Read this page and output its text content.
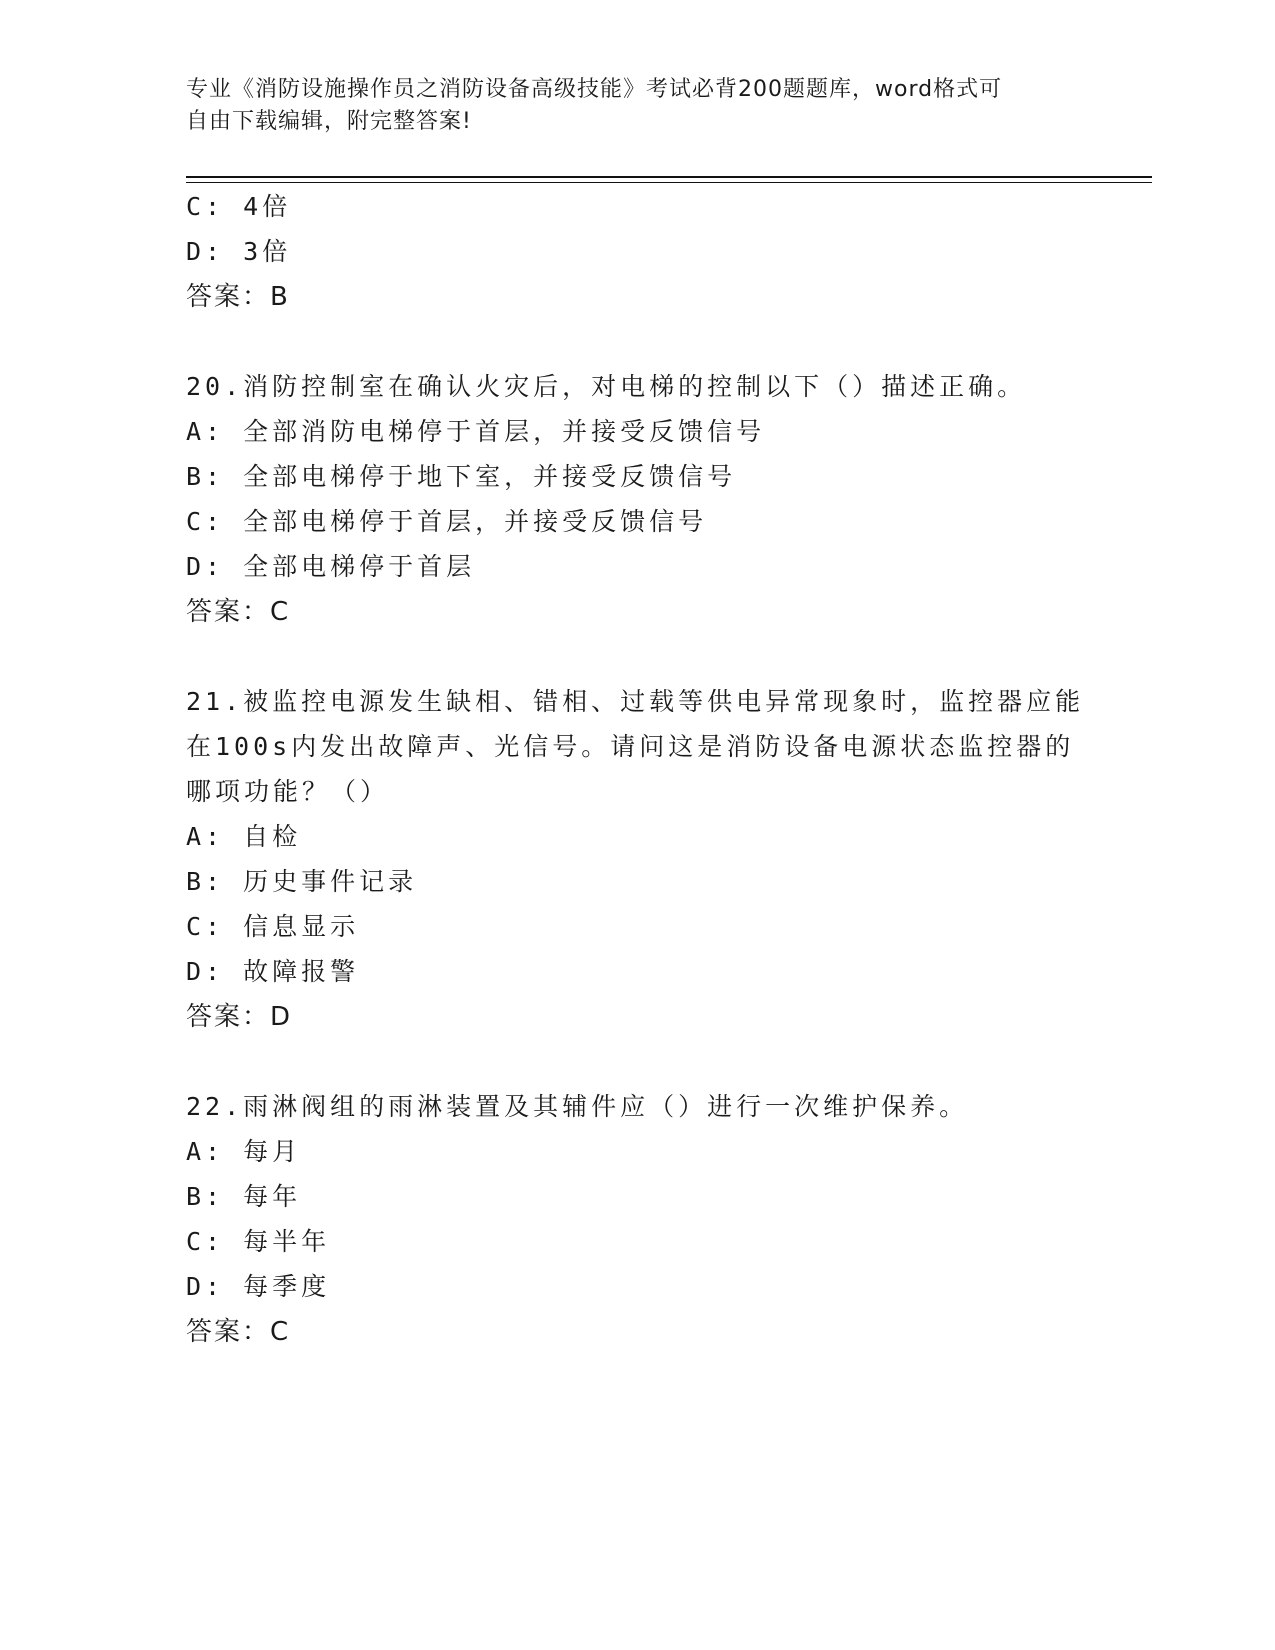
专业《消防设施操作员之消防设备高级技能》考试必背200题题库，word格式可
自由下载编辑，附完整答案!
C: 4倍
D: 3倍
答案：B
20.消防控制室在确认火灾后，对电梯的控制以下（）描述正确。
A: 全部消防电梯停于首层，并接受反馈信号
B: 全部电梯停于地下室，并接受反馈信号
C: 全部电梯停于首层，并接受反馈信号
D: 全部电梯停于首层
答案：C
21.被监控电源发生缺相、错相、过载等供电异常现象时，监控器应能
在100s内发出故障声、光信号。请问这是消防设备电源状态监控器的
哪项功能？（）
A: 自检
B: 历史事件记录
C: 信息显示
D: 故障报警
答案：D
22.雨淋阀组的雨淋装置及其辅件应（）进行一次维护保养。
A: 每月
B: 每年
C: 每半年
D: 每季度
答案：C
